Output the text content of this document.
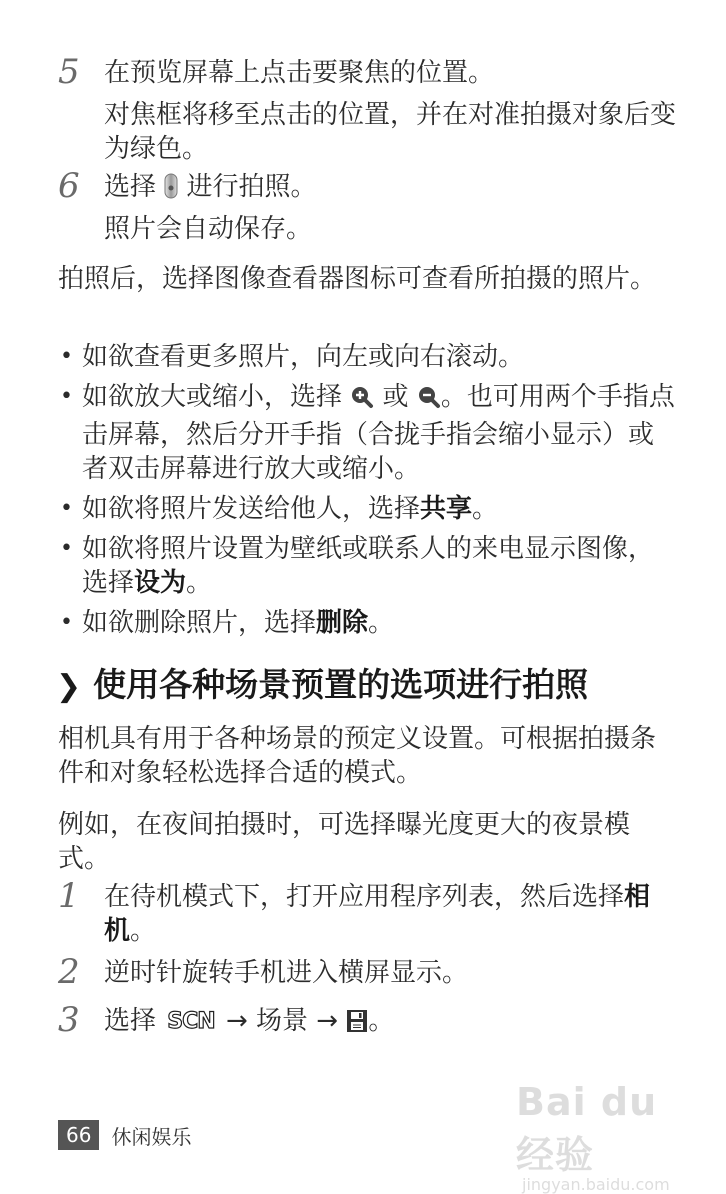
5 在预览屏幕上点击要聚焦的位置。

对焦框将移至点击的位置，并在对准拍摄对象后变为绿色。

6 选择 进行拍照。

照片会自动保存。

拍照后，选择图像查看器图标可查看所拍摄的照片。

• 如欲查看更多照片，向左或向右滚动。
• 如欲放大或缩小，选择 或 。也可用两个手指点击屏幕，然后分开手指（合拢手指会缩小显示）或者双击屏幕进行放大或缩小。
• 如欲将照片发送给他人，选择共享。
• 如欲将照片设置为壁纸或联系人的来电显示图像，选择设为。
• 如欲删除照片，选择删除。
❯ 使用各种场景预置的选项进行拍照

相机具有用于各种场景的预定义设置。可根据拍摄条件和对象轻松选择合适的模式。

例如，在夜间拍摄时，可选择曝光度更大的夜景模式。

1 在待机模式下，打开应用程序列表，然后选择相机。

2 逆时针旋转手机进入横屏显示。

3 选择 SCN → 场景 → 。

66	休闲娱乐
Bai du 经验
jingyan.baidu.com
